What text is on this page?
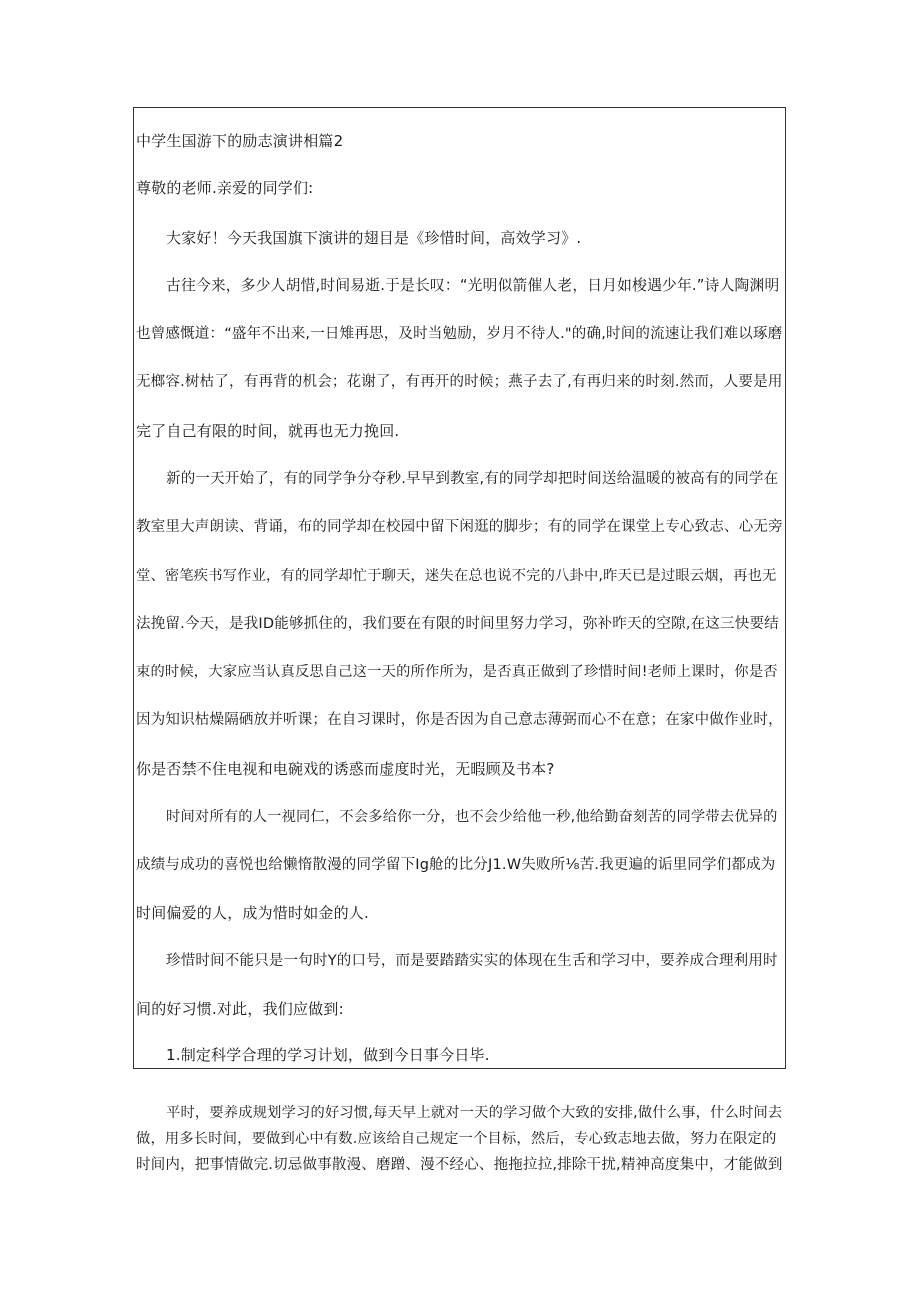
中学生国游下的励志演讲相篇2
尊敬的老师.亲爱的同学们:
大家好！今天我国旗下演讲的翅目是《珍惜时间，高效学习》.
古往今来，多少人胡惜,时间易逝.于是长叹：“光明似箭催人老，日月如梭遇少年.”诗人陶渊明
也曾感慨道：“盛年不出来,一日雉再思，及时当勉励，岁月不待人."的确,时间的流速让我们难以琢磨
无榔容.树枯了，有再背的机会；花谢了，有再开的时候；燕子去了,有再归来的时刻.然而，人要是用
完了自己有限的时间，就再也无力挽回.
新的一天开始了，有的同学争分夺秒.早早到教室,有的同学却把时间送给温暖的被高有的同学在
教室里大声朗读、背诵，布的同学却在校园中留下闲逛的脚步；有的同学在课堂上专心致志、心无旁
堂、密笔疾书写作业，有的同学却忙于聊天，迷失在总也说不完的八卦中,昨天已是过眼云烟，再也无
法挽留.今天，是我ID能够抓住的，我们要在有限的时间里努力学习，弥补昨天的空隙,在这三快要结
束的时候，大家应当认真反思自己这一天的所作所为，是否真正做到了珍惜时间!老师上课时，你是否
因为知识枯燥隔硒放并听课；在自习课时，你是否因为自己意志薄弼而心不在意；在家中做作业时，
你是否禁不住电视和电碗戏的诱惑而虚度时光，无暇顾及书本?
时间对所有的人一视同仁，不会多给你一分，也不会少给他一秒,他给勤奋刻苦的同学带去优异的
成绩与成功的喜悦也给懒惰散漫的同学留下Ig舱的比分J1.W失败所⅛苦.我更遍的诟里同学们都成为
时间偏爱的人，成为惜时如金的人.
珍惜时间不能只是一句时Y的口号，而是要踏踏实实的体现在生舌和学习中，要养成合理利用时
间的好习惯.对此，我们应做到:
1.制定科学合理的学习计划，做到今日事今日毕.
平时，要养成规划学习的好习惯,每天早上就对一天的学习做个大致的安排,做什么事，什么时间去
做，用多长时间，要做到心中有数.应该给自己规定一个目标，然后，专心致志地去做，努力在限定的
时间内，把事情做完.切忌做事散漫、磨蹭、漫不经心、拖拖拉拉,排除干扰,精神高度集中，才能做到
